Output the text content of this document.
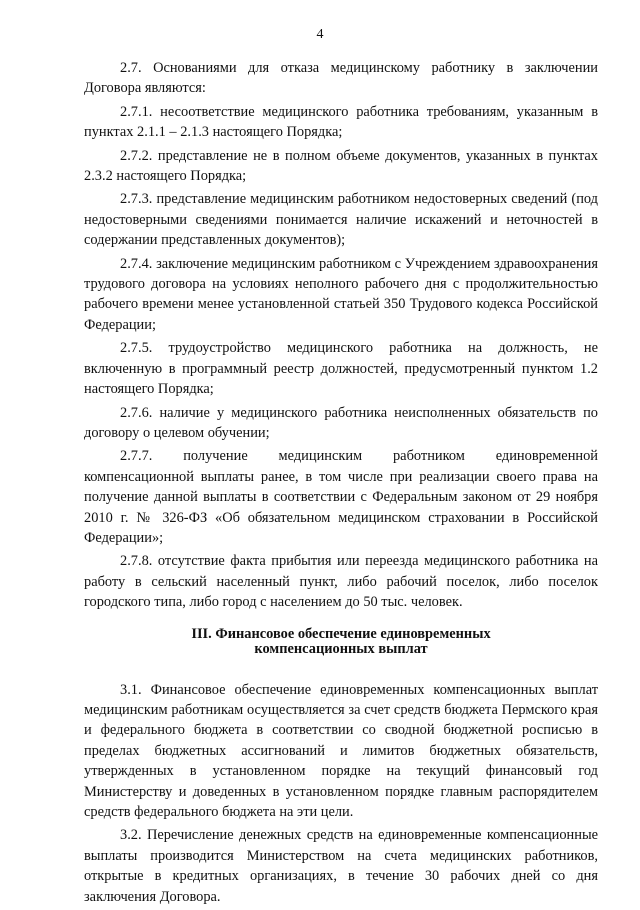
4

2.7. Основаниями для отказа медицинскому работнику в заключении Договора являются:

2.7.1. несоответствие медицинского работника требованиям, указанным в пунктах 2.1.1 – 2.1.3 настоящего Порядка;

2.7.2. представление не в полном объеме документов, указанных в пунктах 2.3.2 настоящего Порядка;

2.7.3. представление медицинским работником недостоверных сведений (под недостоверными сведениями понимается наличие искажений и неточностей в содержании представленных документов);

2.7.4. заключение медицинским работником с Учреждением здравоохранения трудового договора на условиях неполного рабочего дня с продолжительностью рабочего времени менее установленной статьей 350 Трудового кодекса Российской Федерации;

2.7.5. трудоустройство медицинского работника на должность, не включенную в программный реестр должностей, предусмотренный пунктом 1.2 настоящего Порядка;

2.7.6. наличие у медицинского работника неисполненных обязательств по договору о целевом обучении;

2.7.7. получение медицинским работником единовременной компенсационной выплаты ранее, в том числе при реализации своего права на получение данной выплаты в соответствии с Федеральным законом от 29 ноября 2010 г. № 326-ФЗ «Об обязательном медицинском страховании в Российской Федерации»;

2.7.8. отсутствие факта прибытия или переезда медицинского работника на работу в сельский населенный пункт, либо рабочий поселок, либо поселок городского типа, либо город с населением до 50 тыс. человек.

III. Финансовое обеспечение единовременных
компенсационных выплат

3.1. Финансовое обеспечение единовременных компенсационных выплат медицинским работникам осуществляется за счет средств бюджета Пермского края и федерального бюджета в соответствии со сводной бюджетной росписью в пределах бюджетных ассигнований и лимитов бюджетных обязательств, утвержденных в установленном порядке на текущий финансовый год Министерству и доведенных в установленном порядке главным распорядителем средств федерального бюджета на эти цели.

3.2. Перечисление денежных средств на единовременные компенсационные выплаты производится Министерством на счета медицинских работников, открытые в кредитных организациях, в течение 30 рабочих дней со дня заключения Договора.
